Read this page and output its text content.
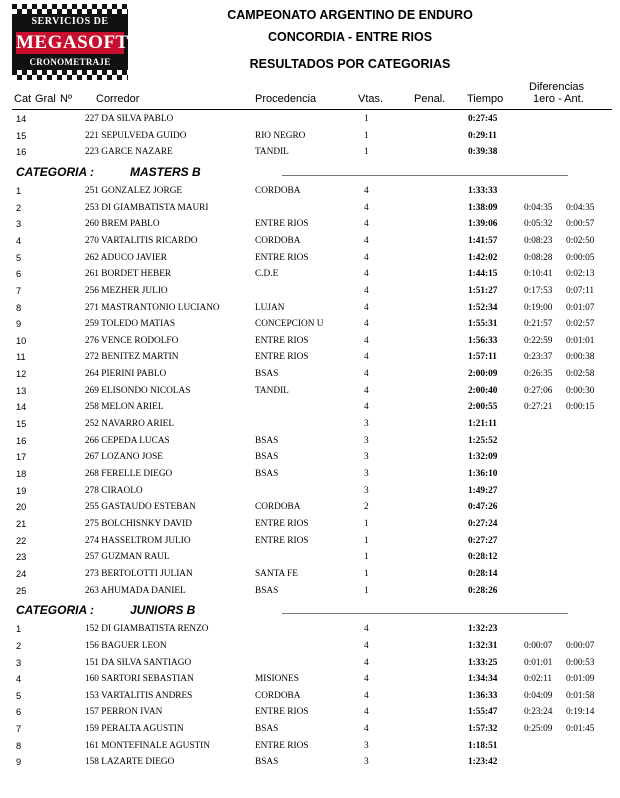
SERVICIOS DE
MEGASOFT
CRONOMETRAJE
CAMPEONATO ARGENTINO DE ENDURO
CONCORDIA - ENTRE RIOS
RESULTADOS POR CATEGORIAS
Cat Gral Nº Corredor	Procedencia	Vtas.	Penal. Tiempo
Diferencias
1ero - Ant.
14	227 DA SILVA PABLO	1	0:27:45
15	221 SEPULVEDA GUIDO	RIO NEGRO	1	0:29:11
16	223 GARCE NAZARE	TANDIL	1	0:39:38
CATEGORIA :	MASTERS B
1	251 GONZALEZ JORGE	CORDOBA	4	1:33:33
2	253 DI GIAMBATISTA MAURI	4	1:38:09	0:04:35 0:04:35
3	260 BREM PABLO	ENTRE RIOS	4	1:39:06	0:05:32 0:00:57
4	270 VARTALITIS RICARDO	CORDOBA	4	1:41:57	0:08:23 0:02:50
5	262 ADUCO JAVIER	ENTRE RIOS	4	1:42:02	0:08:28 0:00:05
6	261 BORDET HEBER	C.D.E	4	1:44:15	0:10:41 0:02:13
7	256 MEZHER JULIO	4	1:51:27	0:17:53 0:07:11
8	271 MASTRANTONIO LUCIANO	LUJAN	4	1:52:34	0:19:00 0:01:07
9	259 TOLEDO MATIAS	CONCEPCION U	4	1:55:31	0:21:57 0:02:57
10	276 VENCE RODOLFO	ENTRE RIOS	4	1:56:33	0:22:59 0:01:01
11	272 BENITEZ MARTIN	ENTRE RIOS	4	1:57:11	0:23:37 0:00:38
12	264 PIERINI PABLO	BSAS	4	2:00:09	0:26:35 0:02:58
13	269 ELISONDO NICOLAS	TANDIL	4	2:00:40	0:27:06 0:00:30
14	258 MELON ARIEL	4	2:00:55	0:27:21 0:00:15
15	252 NAVARRO ARIEL	3	1:21:11
16	266 CEPEDA LUCAS	BSAS	3	1:25:52
17	267 LOZANO JOSE	BSAS	3	1:32:09
18	268 FERELLE DIEGO	BSAS	3	1:36:10
19	278 CIRAOLO	3	1:49:27
20	255 GASTAUDO ESTEBAN	CORDOBA	2	0:47:26
21	275 BOLCHISNKY DAVID	ENTRE RIOS	1	0:27:24
22	274 HASSELTROM JULIO	ENTRE RIOS	1	0:27:27
23	257 GUZMAN RAUL	1	0:28:12
24	273 BERTOLOTTI JULIAN	SANTA FE	1	0:28:14
25	263 AHUMADA DANIEL	BSAS	1	0:28:26
CATEGORIA :	JUNIORS B
1	152 DI GIAMBATISTA RENZO	4	1:32:23
2	156 BAGUER LEON	4	1:32:31	0:00:07 0:00:07
3	151 DA SILVA SANTIAGO	4	1:33:25	0:01:01 0:00:53
4	160 SARTORI SEBASTIAN	MISIONES	4	1:34:34	0:02:11 0:01:09
5	153 VARTALITIS ANDRES	CORDOBA	4	1:36:33	0:04:09 0:01:58
6	157 PERRON IVAN	ENTRE RIOS	4	1:55:47	0:23:24 0:19:14
7	159 PERALTA AGUSTIN	BSAS	4	1:57:32	0:25:09 0:01:45
8	161 MONTEFINALE AGUSTIN	ENTRE RIOS	3	1:18:51
9	158 LAZARTE DIEGO	BSAS	3	1:23:42
